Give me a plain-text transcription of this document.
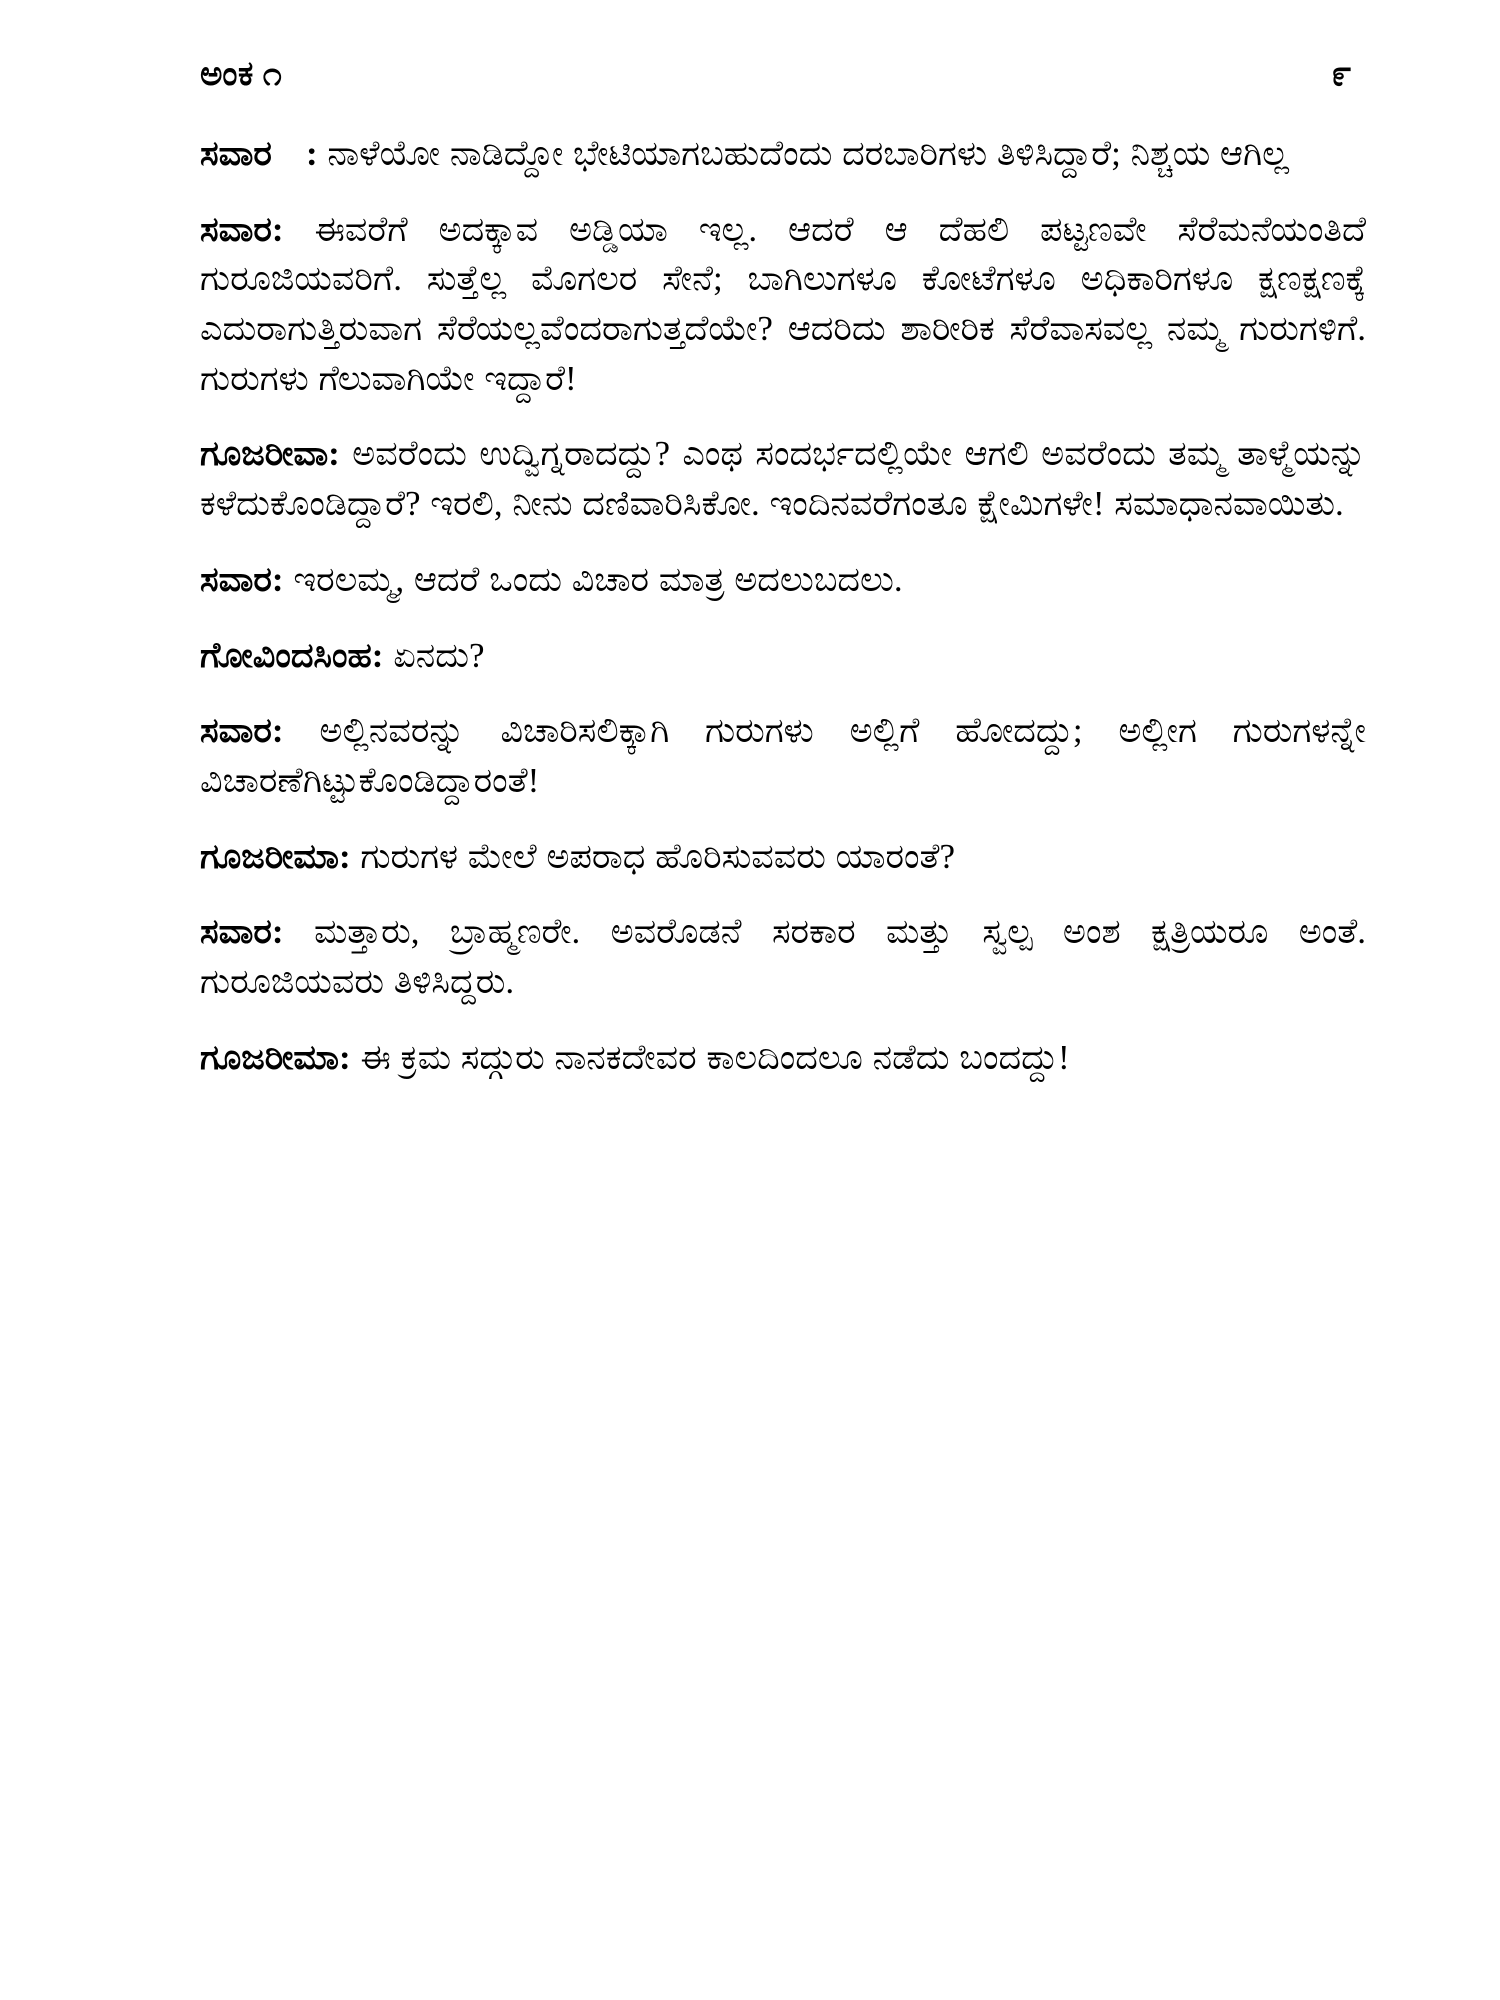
ಅಂಕ ೧	೯

ಸವಾರ : ನಾಳೆಯೋ ನಾಡಿದ್ದೋ ಭೇಟಿಯಾಗಬಹುದೆಂದು ದರಬಾರಿಗಳು ತಿಳಿಸಿದ್ದಾರೆ; ನಿಶ್ಚಯ ಆಗಿಲ್ಲ

ಸವಾರ: ಈವರೆಗೆ ಅದಕ್ಕಾವ ಅಡ್ಡಿಯಾ ಇಲ್ಲ. ಆದರೆ ಆ ದೆಹಲಿ ಪಟ್ಟಣವೇ ಸೆರೆಮನೆಯಂತಿದೆ ಗುರೂಜಿಯವರಿಗೆ. ಸುತ್ತೆಲ್ಲ ಮೊಗಲರ ಸೇನೆ; ಬಾಗಿಲುಗಳೂ ಕೋಟೆಗಳೂ ಅಧಿಕಾರಿಗಳೂ ಕ್ಷಣಕ್ಷಣಕ್ಕೆ ಎದುರಾಗುತ್ತಿರುವಾಗ ಸೆರೆಯಲ್ಲವೆಂದರಾಗುತ್ತದೆಯೇ? ಆದರಿದು ಶಾರೀರಿಕ ಸೆರೆವಾಸವಲ್ಲ ನಮ್ಮ ಗುರುಗಳಿಗೆ. ಗುರುಗಳು ಗೆಲುವಾಗಿಯೇ ಇದ್ದಾರೆ!

ಗೂಜರೀವಾ: ಅವರೆಂದು ಉದ್ವಿಗ್ನರಾದದ್ದು? ಎಂಥ ಸಂದರ್ಭದಲ್ಲಿಯೇ ಆಗಲಿ ಅವರೆಂದು ತಮ್ಮ ತಾಳ್ಮೆಯನ್ನು ಕಳೆದುಕೊಂಡಿದ್ದಾರೆ? ಇರಲಿ, ನೀನು ದಣಿವಾರಿಸಿಕೋ. ಇಂದಿನವರೆಗಂತೂ ಕ್ಷೇಮಿಗಳೇ! ಸಮಾಧಾನವಾಯಿತು.

ಸವಾರ: ಇರಲಮ್ಮ, ಆದರೆ ಒಂದು ವಿಚಾರ ಮಾತ್ರ ಅದಲುಬದಲು.

ಗೋವಿಂದಸಿಂಹ: ಏನದು?

ಸವಾರ: ಅಲ್ಲಿನವರನ್ನು ವಿಚಾರಿಸಲಿಕ್ಕಾಗಿ ಗುರುಗಳು ಅಲ್ಲಿಗೆ ಹೋದದ್ದು; ಅಲ್ಲೀಗ ಗುರುಗಳನ್ನೇ ವಿಚಾರಣೆಗಿಟ್ಟುಕೊಂಡಿದ್ದಾರಂತೆ!

ಗೂಜರೀಮಾ: ಗುರುಗಳ ಮೇಲೆ ಅಪರಾಧ ಹೊರಿಸುವವರು ಯಾರಂತೆ?

ಸವಾರ: ಮತ್ತಾರು, ಬ್ರಾಹ್ಮಣರೇ. ಅವರೊಡನೆ ಸರಕಾರ ಮತ್ತು ಸ್ವಲ್ಪ ಅಂಶ ಕ್ಷತ್ರಿಯರೂ ಅಂತೆ. ಗುರೂಜಿಯವರು ತಿಳಿಸಿದ್ದರು.

ಗೂಜರೀಮಾ: ಈ ಕ್ರಮ ಸದ್ಗುರು ನಾನಕದೇವರ ಕಾಲದಿಂದಲೂ ನಡೆದು ಬಂದದ್ದು!
